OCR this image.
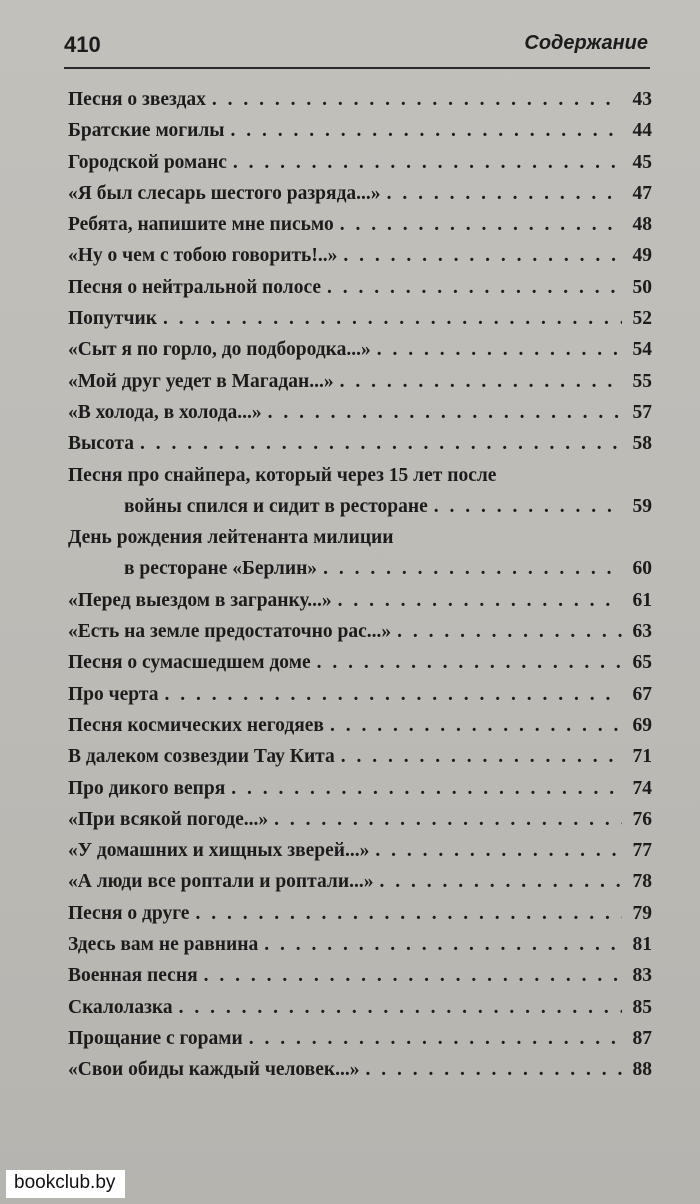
410	Содержание
Песня о звездах . . .	43
Братские могилы . . .	44
Городской романс . . .	45
«Я был слесарь шестого разряда...» . . .	47
Ребята, напишите мне письмо . . .	48
«Ну о чем с тобою говорить!..» . . .	49
Песня о нейтральной полосе . . .	50
Попутчик . . .	52
«Сыт я по горло, до подбородка...» . . .	54
«Мой друг уедет в Магадан...» . . .	55
«В холода, в холода...» . . .	57
Высота . . .	58
Песня про снайпера, который через 15 лет после
войны спился и сидит в ресторане . . .	59
День рождения лейтенанта милиции
в ресторане «Берлин» . . .	60
«Перед выездом в загранку...» . . .	61
«Есть на земле предостаточно рас...» . . .	63
Песня о сумасшедшем доме . . .	65
Про черта . . .	67
Песня космических негодяев . . .	69
В далеком созвездии Тау Кита . . .	71
Про дикого вепря . . .	74
«При всякой погоде...» . . .	76
«У домашних и хищных зверей...» . . .	77
«А люди все роптали и роптали...» . . .	78
Песня о друге . . .	79
Здесь вам не равнина . . .	81
Военная песня . . .	83
Скалолазка . . .	85
Прощание с горами . . .	87
«Свои обиды каждый человек...» . . .	88
bookclub.by
